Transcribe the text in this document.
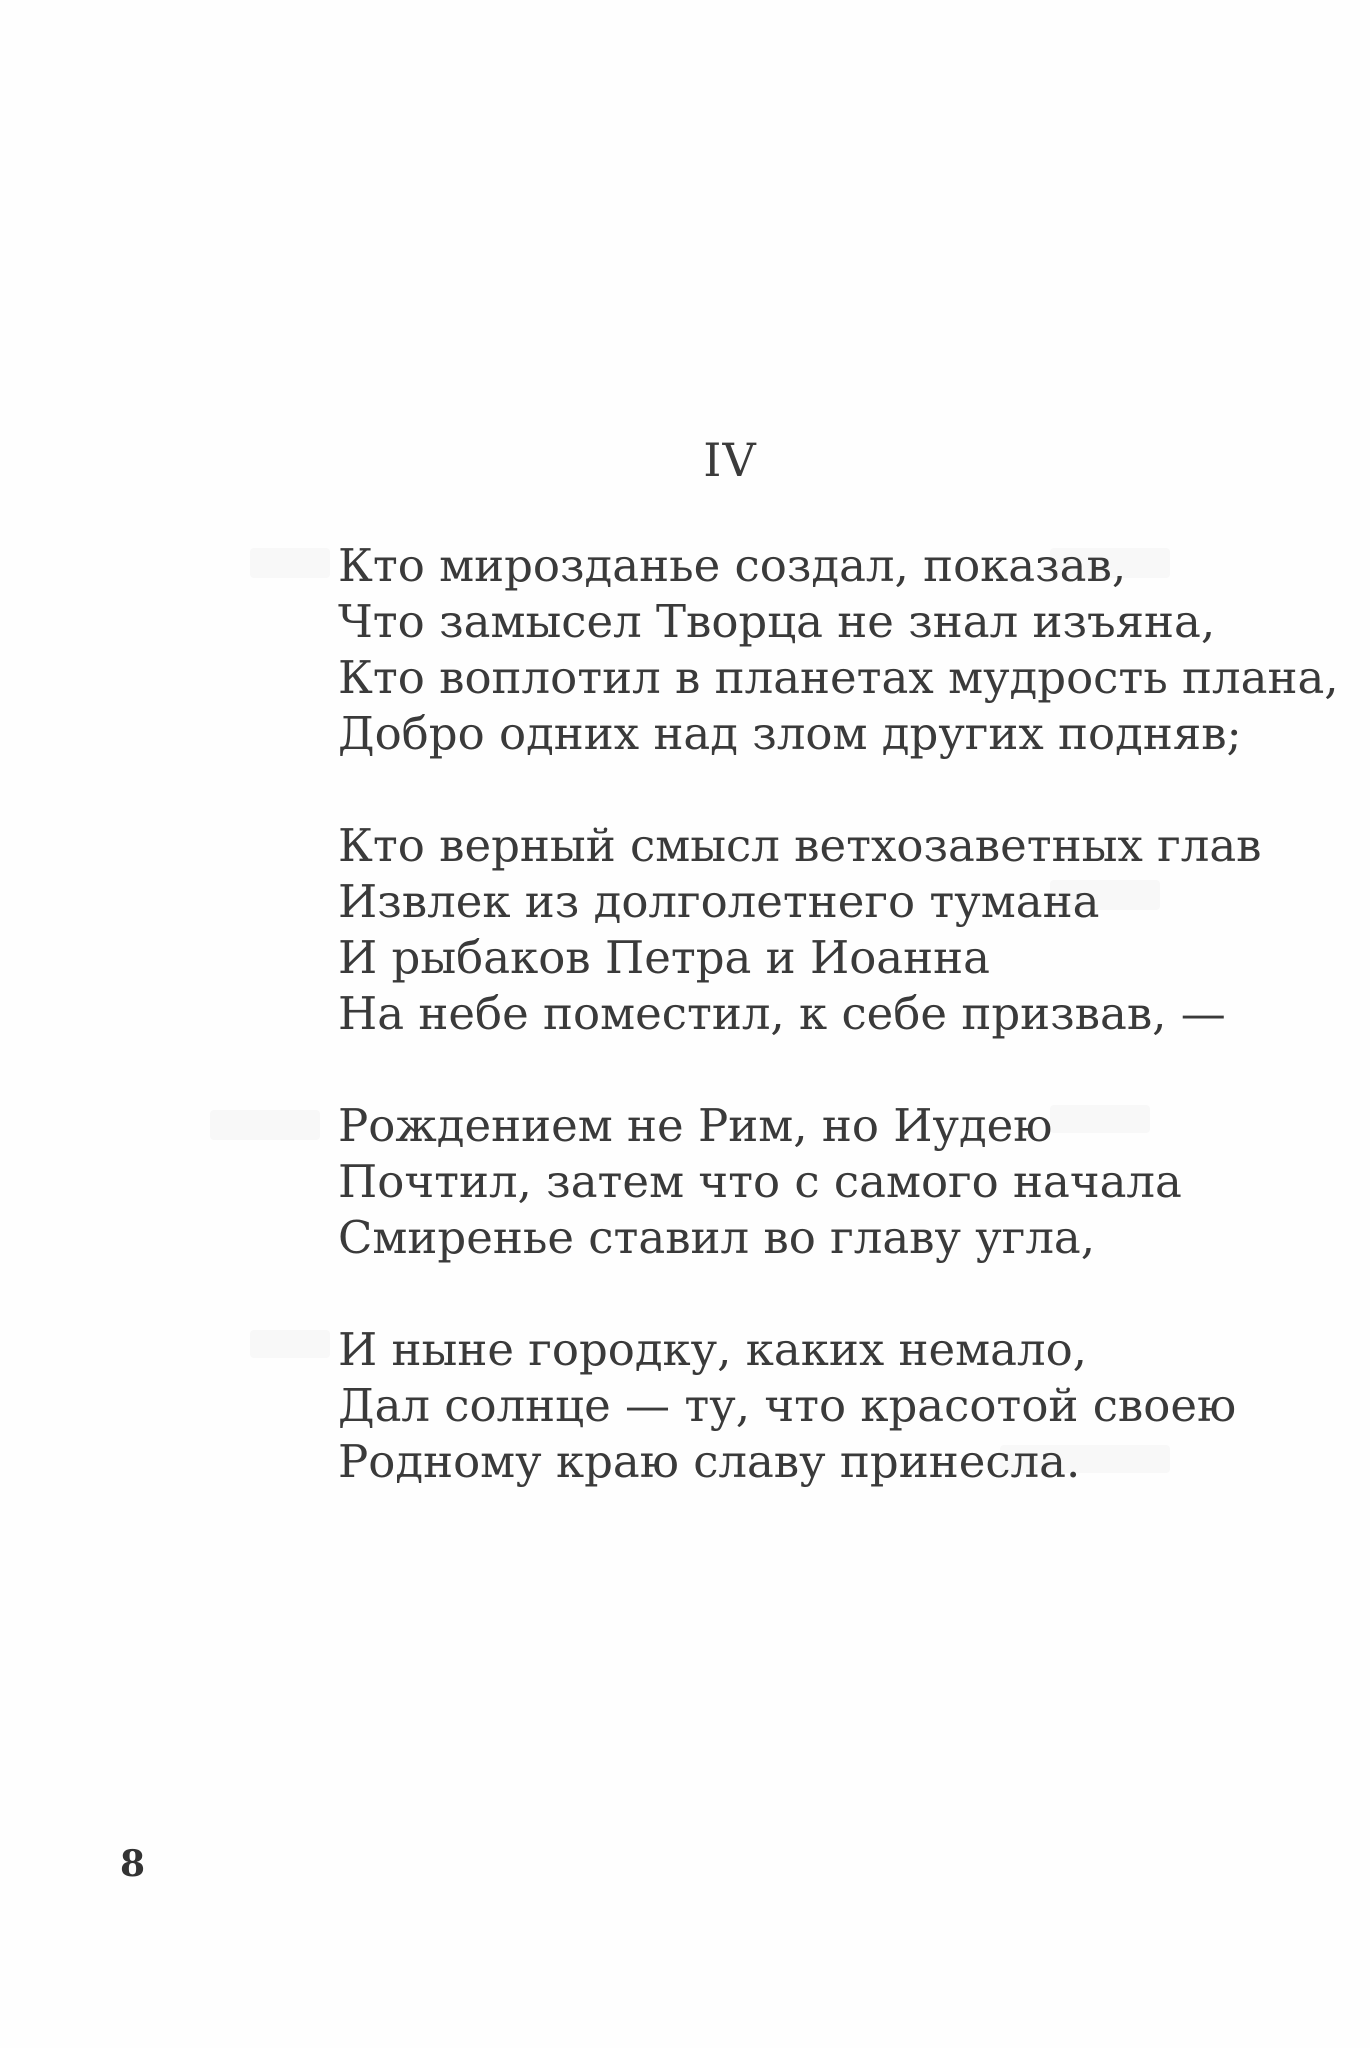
IV
Кто мирозданье создал, показав,
Что замысел Творца не знал изъяна,
Кто воплотил в планетах мудрость плана,
Добро одних над злом других подняв;
Кто верный смысл ветхозаветных глав
Извлек из долголетнего тумана
И рыбаков Петра и Иоанна
На небе поместил, к себе призвав, —
Рождением не Рим, но Иудею
Почтил, затем что с самого начала
Смиренье ставил во главу угла,
И ныне городку, каких немало,
Дал солнце — ту, что красотой своею
Родному краю славу принесла.
8
